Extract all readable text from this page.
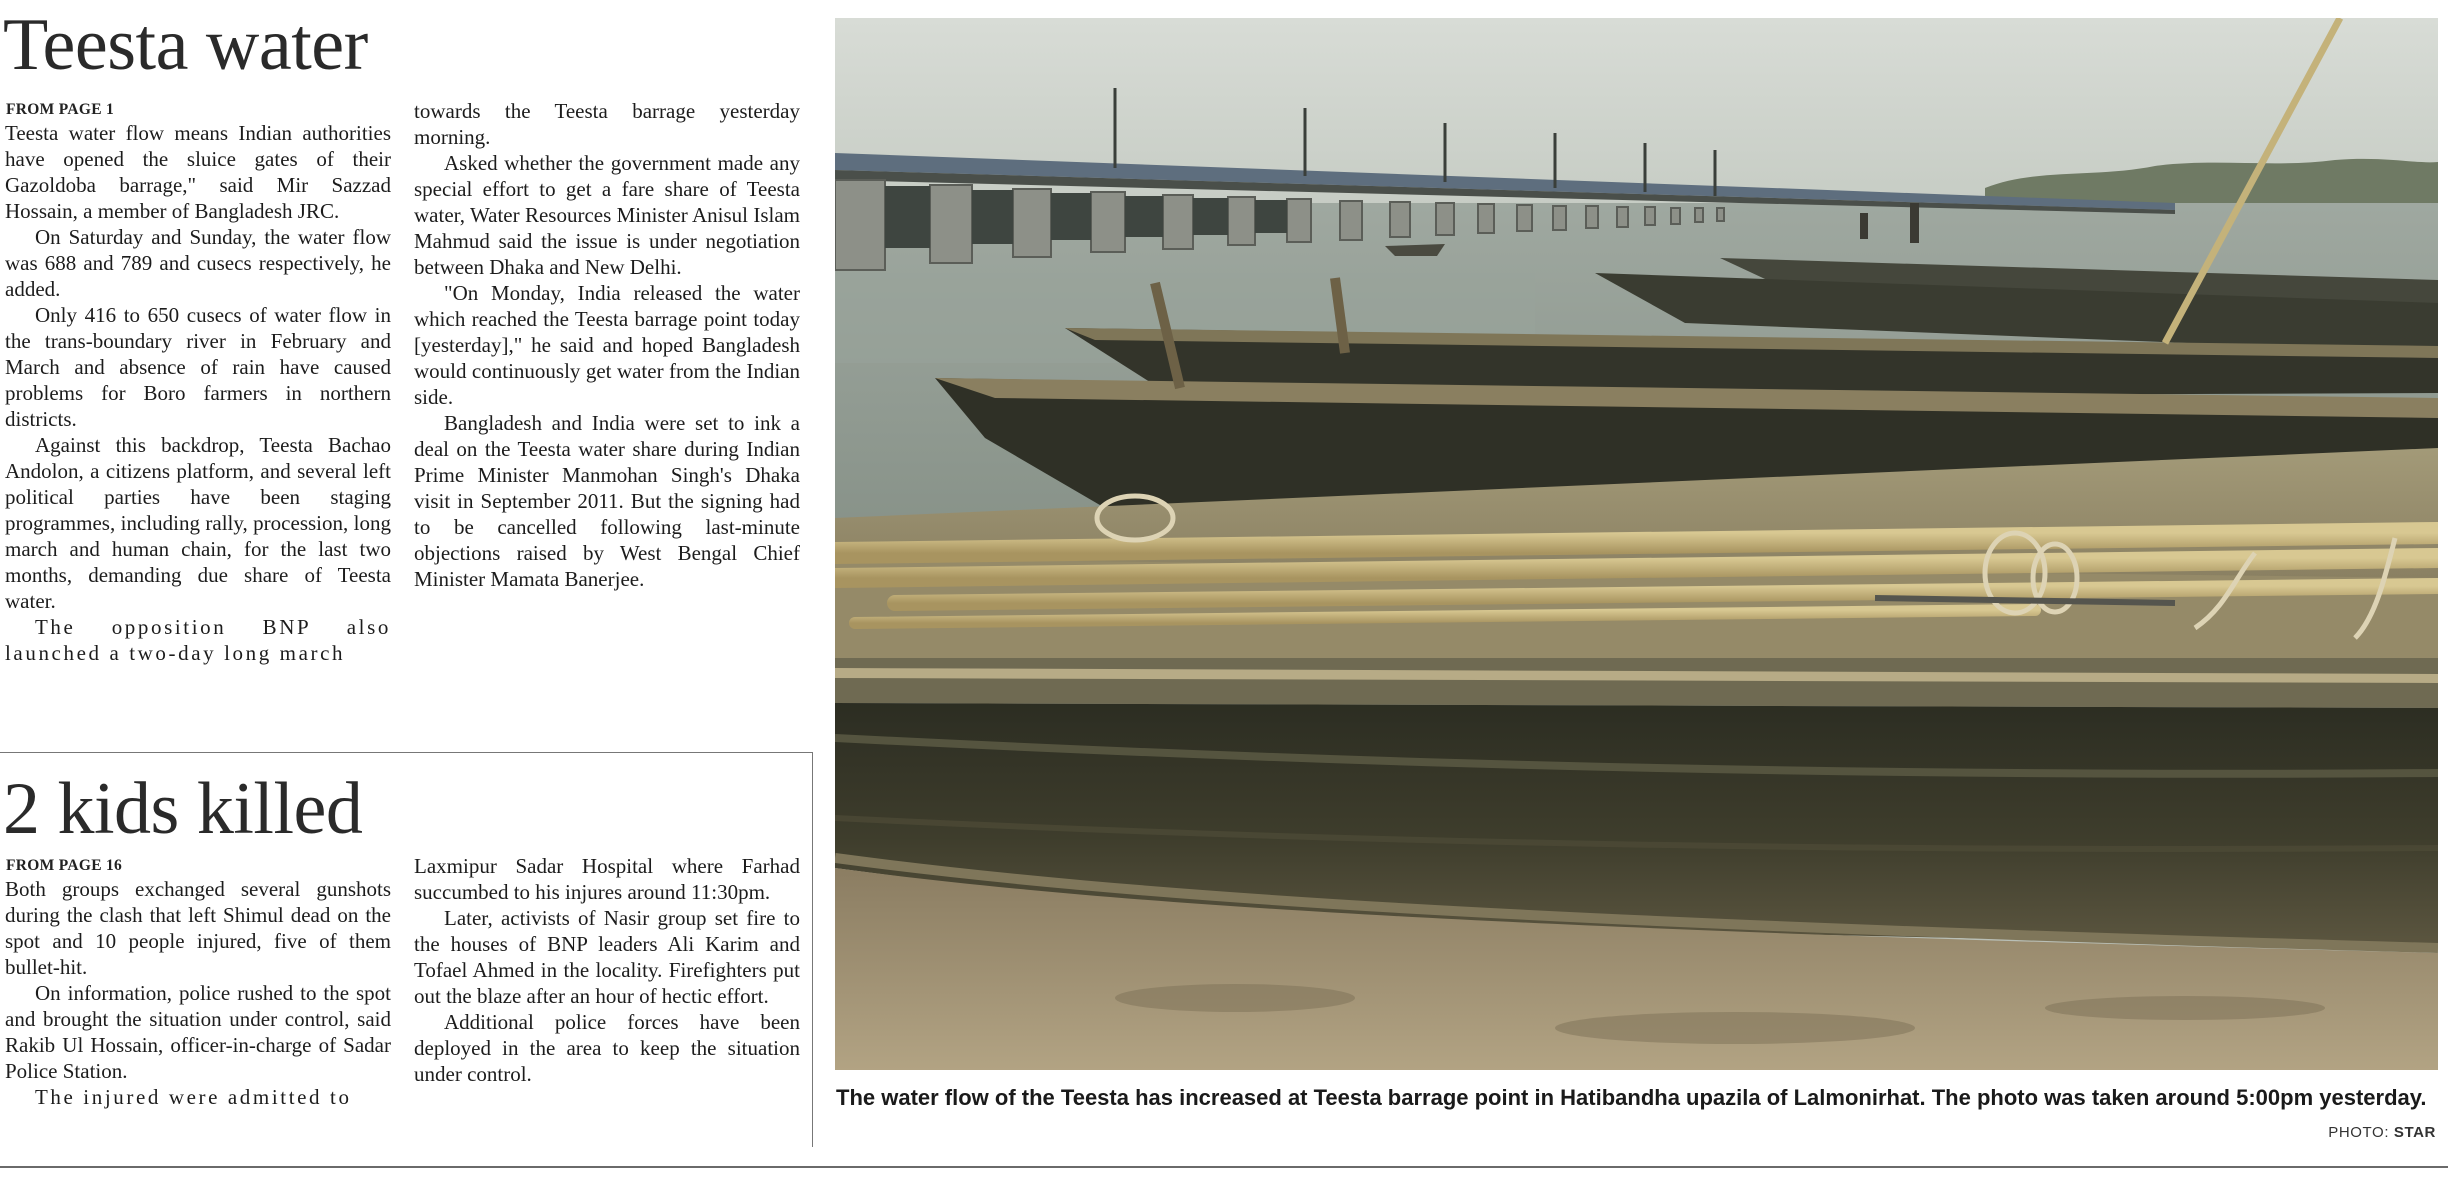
Teesta water
FROM PAGE 1

Teesta water flow means Indian authorities have opened the sluice gates of their Gazoldoba barrage," said Mir Sazzad Hossain, a member of Bangladesh JRC.

On Saturday and Sunday, the water flow was 688 and 789 and cusecs respectively, he added.

Only 416 to 650 cusecs of water flow in the trans-boundary river in February and March and absence of rain have caused problems for Boro farmers in northern districts.

Against this backdrop, Teesta Bachao Andolon, a citizens platform, and several left political parties have been staging programmes, including rally, procession, long march and human chain, for the last two months, demanding due share of Teesta water.

The opposition BNP also launched a two-day long march

towards the Teesta barrage yesterday morning.

Asked whether the government made any special effort to get a fare share of Teesta water, Water Resources Minister Anisul Islam Mahmud said the issue is under negotiation between Dhaka and New Delhi.

"On Monday, India released the water which reached the Teesta barrage point today [yesterday]," he said and hoped Bangladesh would continuously get water from the Indian side.

Bangladesh and India were set to ink a deal on the Teesta water share during Indian Prime Minister Manmohan Singh's Dhaka visit in September 2011. But the signing had to be cancelled following last-minute objections raised by West Bengal Chief Minister Mamata Banerjee.

2 kids killed
FROM PAGE 16

Both groups exchanged several gunshots during the clash that left Shimul dead on the spot and 10 people injured, five of them bullet-hit.

On information, police rushed to the spot and brought the situation under control, said Rakib Ul Hossain, officer-in-charge of Sadar Police Station.

The injured were admitted to

Laxmipur Sadar Hospital where Farhad succumbed to his injures around 11:30pm.

Later, activists of Nasir group set fire to the houses of BNP leaders Ali Karim and Tofael Ahmed in the locality. Firefighters put out the blaze after an hour of hectic effort.

Additional police forces have been deployed in the area to keep the situation under control.

The water flow of the Teesta has increased at Teesta barrage point in Hatibandha upazila of Lalmonirhat. The photo was taken around 5:00pm yesterday.
PHOTO: STAR
